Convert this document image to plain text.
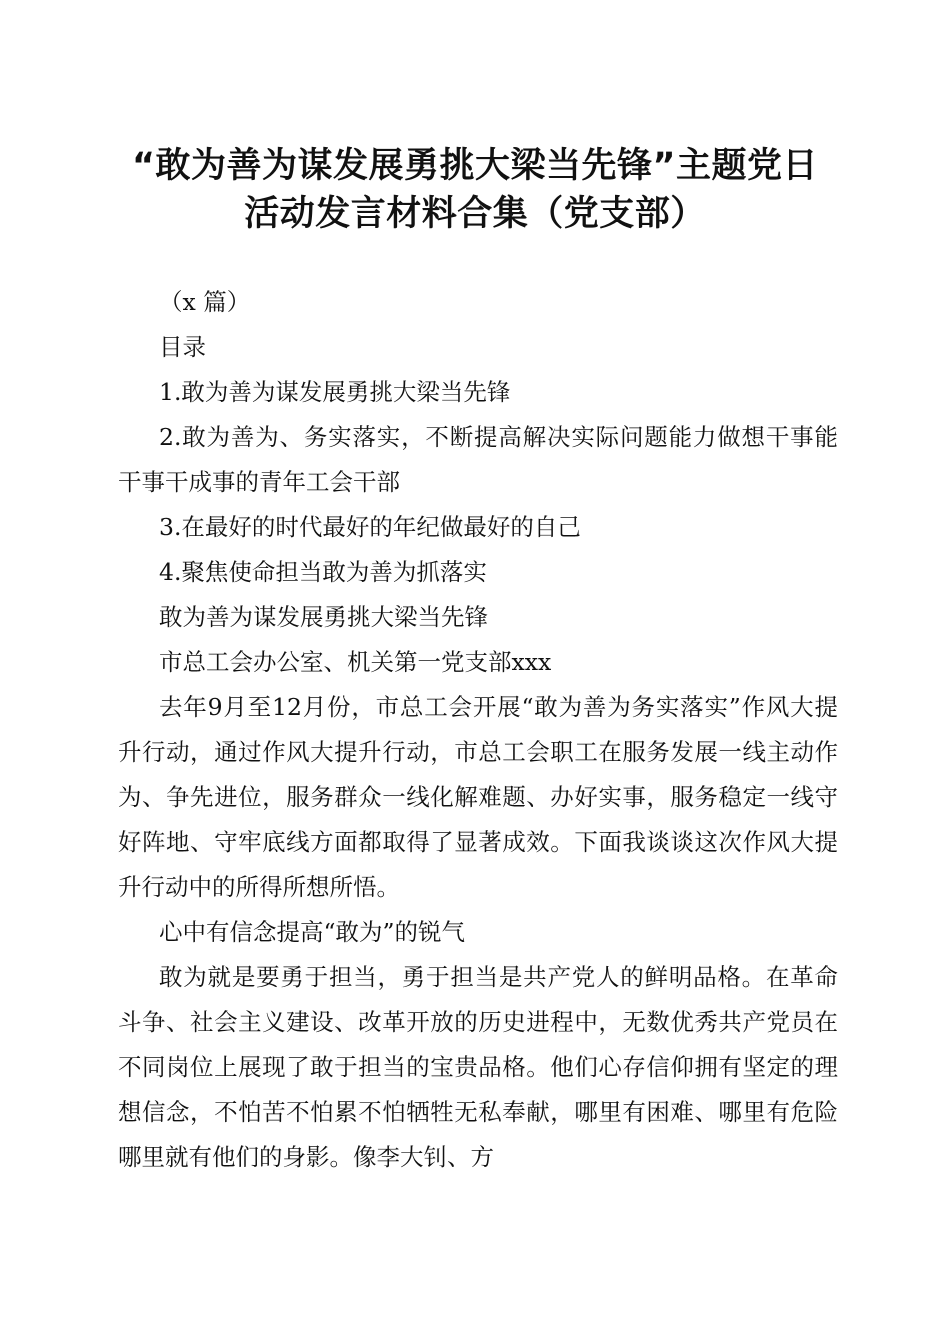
“敢为善为谋发展勇挑大梁当先锋”主题党日
活动发言材料合集（党支部）

（x 篇）

目录

1.敢为善为谋发展勇挑大梁当先锋

2.敢为善为、务实落实，不断提高解决实际问题能力做想干事能干事干成事的青年工会干部

3.在最好的时代最好的年纪做最好的自己

4.聚焦使命担当敢为善为抓落实

敢为善为谋发展勇挑大梁当先锋

市总工会办公室、机关第一党支部xxx

去年9月至12月份，市总工会开展“敢为善为务实落实”作风大提升行动，通过作风大提升行动，市总工会职工在服务发展一线主动作为、争先进位，服务群众一线化解难题、办好实事，服务稳定一线守好阵地、守牢底线方面都取得了显著成效。下面我谈谈这次作风大提升行动中的所得所想所悟。

心中有信念提高“敢为”的锐气

敢为就是要勇于担当，勇于担当是共产党人的鲜明品格。在革命斗争、社会主义建设、改革开放的历史进程中，无数优秀共产党员在不同岗位上展现了敢于担当的宝贵品格。他们心存信仰拥有坚定的理想信念，不怕苦不怕累不怕牺牲无私奉献，哪里有困难、哪里有危险哪里就有他们的身影。像李大钊、方
